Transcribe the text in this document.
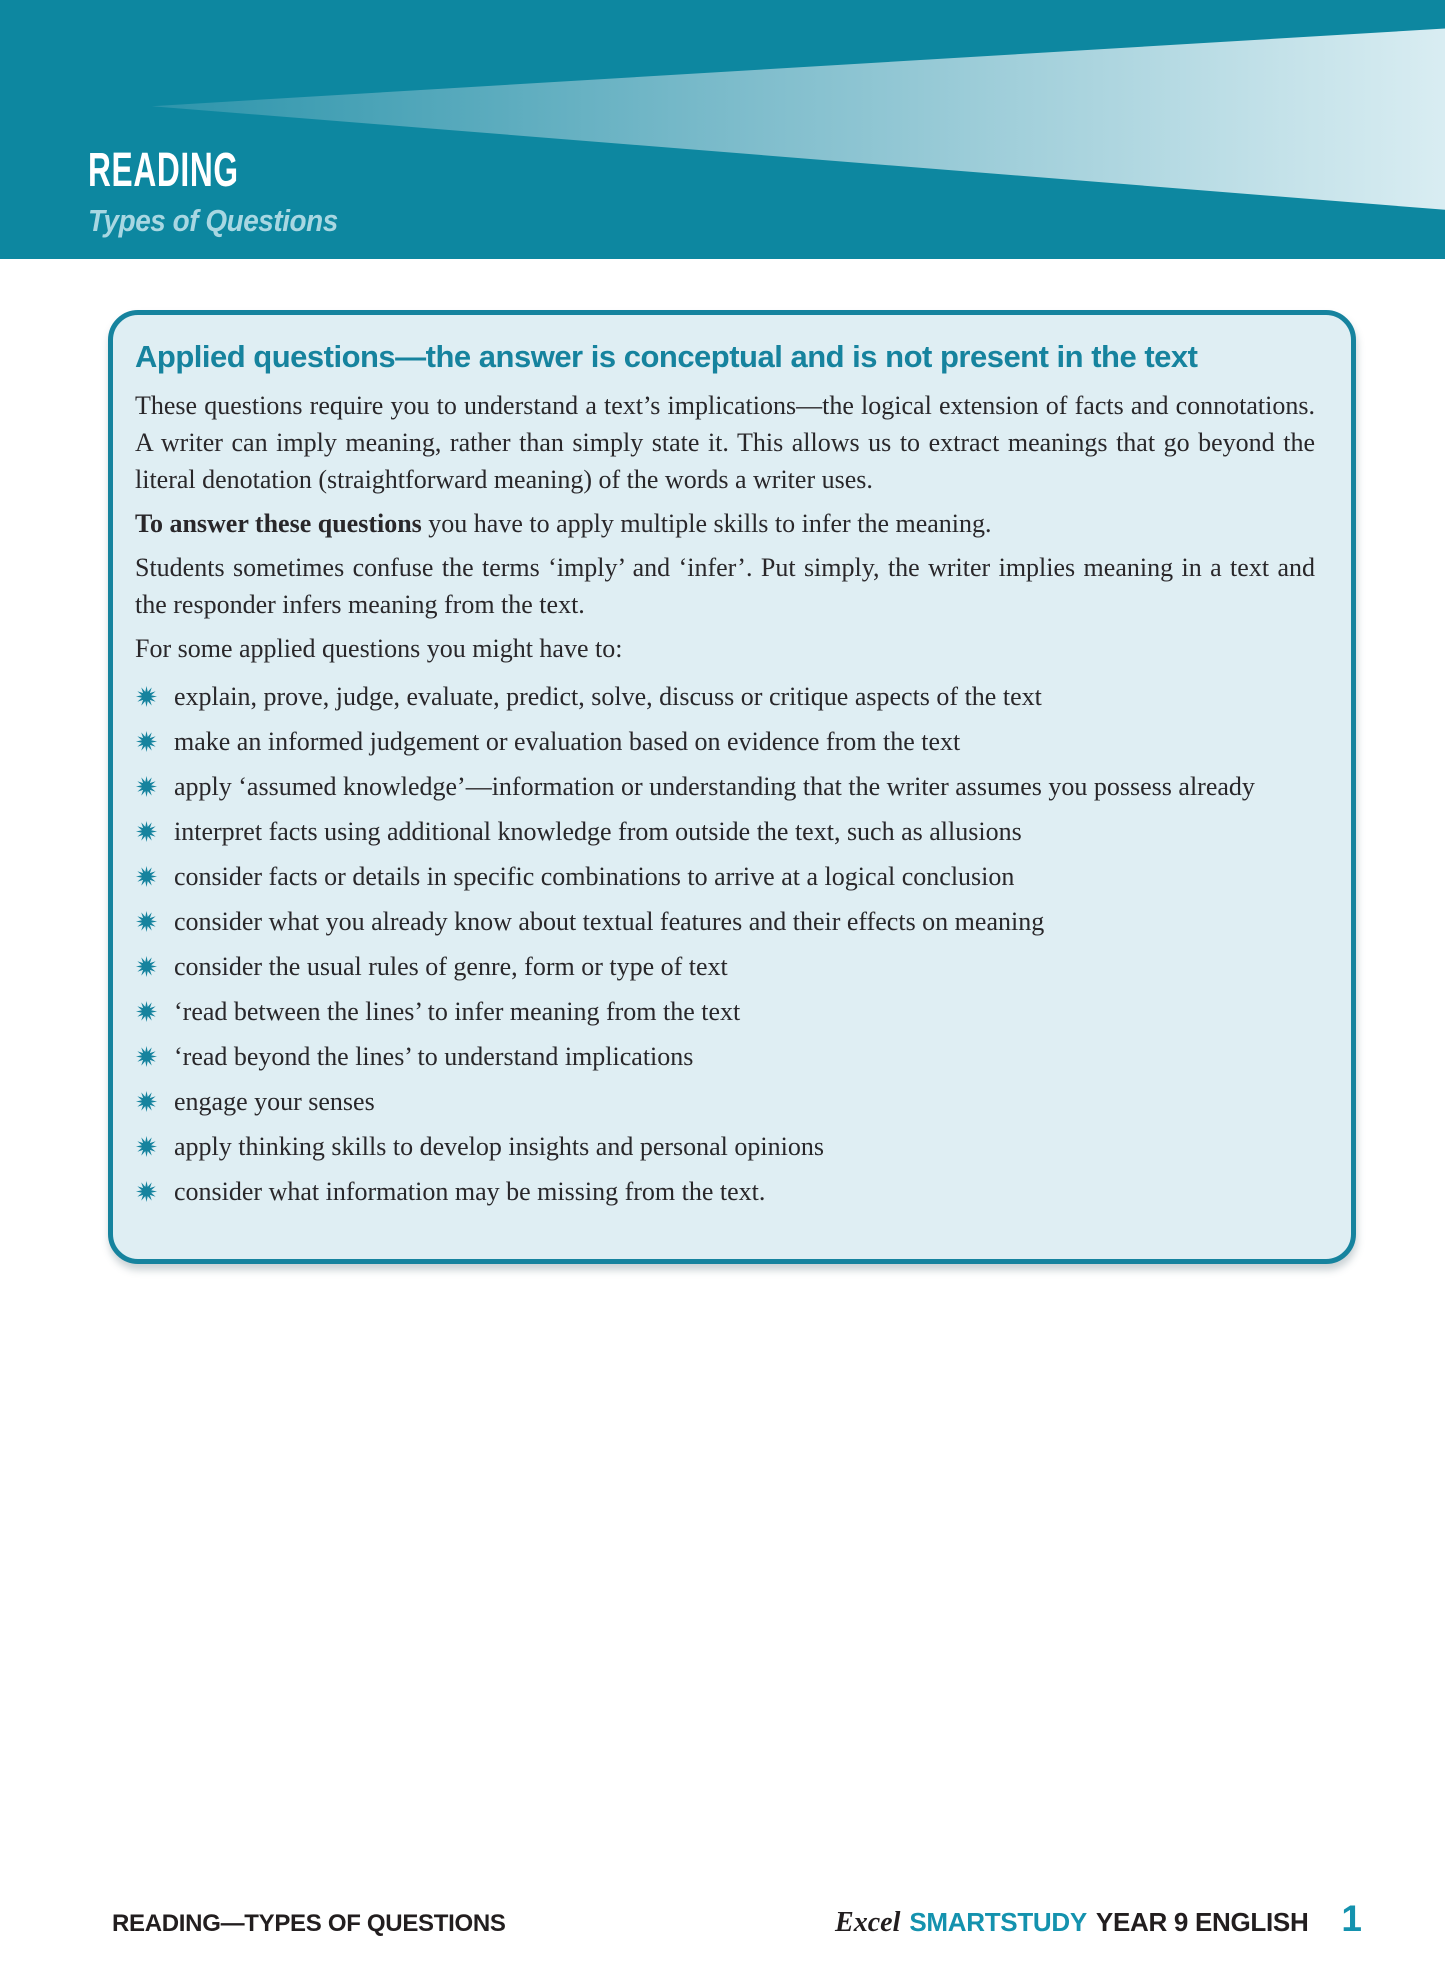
READING

Types of Questions

Applied questions—the answer is conceptual and is not present in the text

These questions require you to understand a text’s implications—the logical extension of facts and connotations. A writer can imply meaning, rather than simply state it. This allows us to extract meanings that go beyond the literal denotation (straightforward meaning) of the words a writer uses.

To answer these questions you have to apply multiple skills to infer the meaning.

Students sometimes confuse the terms ‘imply’ and ‘infer’. Put simply, the writer implies meaning in a text and the responder infers meaning from the text.

For some applied questions you might have to:

explain, prove, judge, evaluate, predict, solve, discuss or critique aspects of the text
make an informed judgement or evaluation based on evidence from the text
apply ‘assumed knowledge’—information or understanding that the writer assumes you possess already
interpret facts using additional knowledge from outside the text, such as allusions
consider facts or details in specific combinations to arrive at a logical conclusion
consider what you already know about textual features and their effects on meaning
consider the usual rules of genre, form or type of text
‘read between the lines’ to infer meaning from the text
‘read beyond the lines’ to understand implications
engage your senses
apply thinking skills to develop insights and personal opinions
consider what information may be missing from the text.
READING—TYPES OF QUESTIONS	Excel SMARTSTUDY YEAR 9 ENGLISH 1
